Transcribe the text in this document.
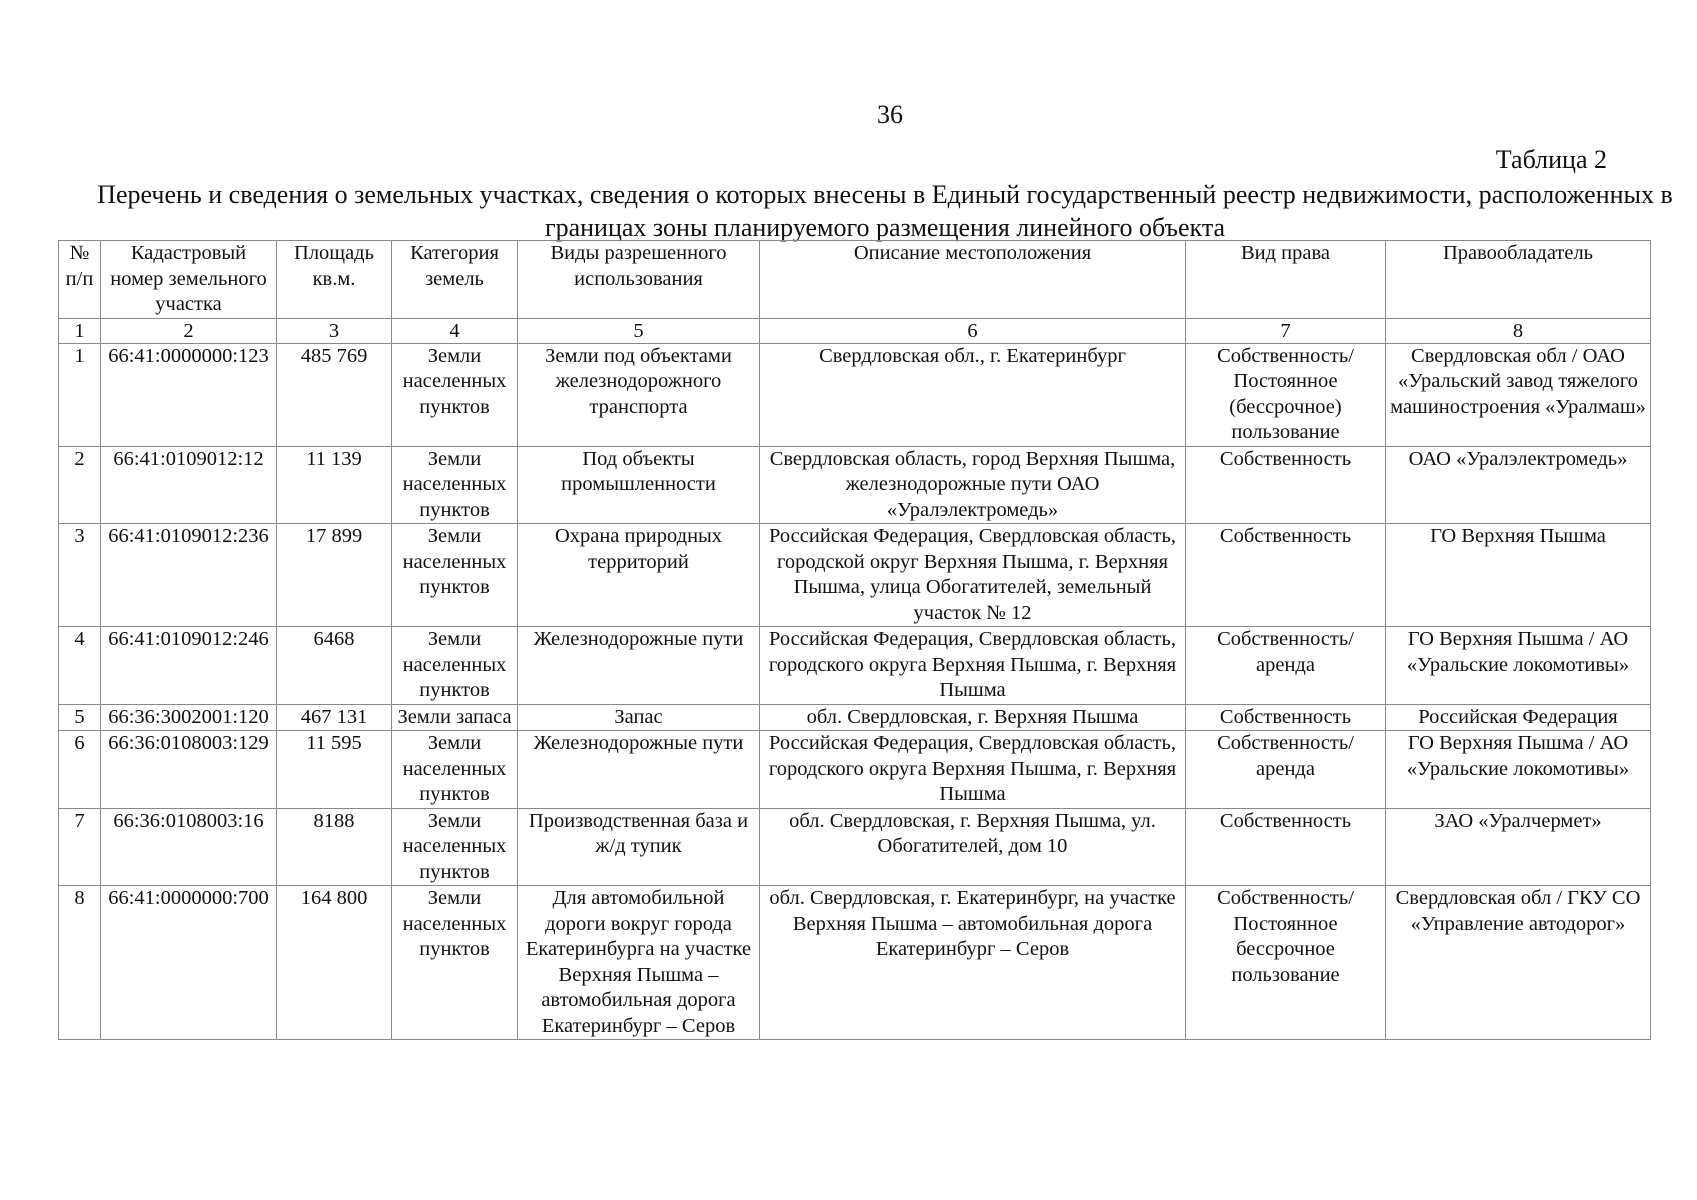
36
Таблица 2
Перечень и сведения о земельных участках, сведения о которых внесены в Единый государственный реестр недвижимости, расположенных в границах зоны планируемого размещения линейного объекта
№ п/п	Кадастровый номер земельного участка	Площадь кв.м.	Категория земель	Виды разрешенного использования	Описание местоположения	Вид права	Правообладатель
1	2	3	4	5	6	7	8
1	66:41:0000000:123	485 769	Земли населенных пунктов	Земли под объектами железнодорожного транспорта	Свердловская обл., г. Екатеринбург	Собственность/ Постоянное (бессрочное) пользование	Свердловская обл / ОАО «Уральский завод тяжелого машиностроения «Уралмаш»
2	66:41:0109012:12	11 139	Земли населенных пунктов	Под объекты промышленности	Свердловская область, город Верхняя Пышма, железнодорожные пути ОАО «Уралэлектромедь»	Собственность	ОАО «Уралэлектромедь»
3	66:41:0109012:236	17 899	Земли населенных пунктов	Охрана природных территорий	Российская Федерация, Свердловская область, городской округ Верхняя Пышма, г. Верхняя Пышма, улица Обогатителей, земельный участок № 12	Собственность	ГО Верхняя Пышма
4	66:41:0109012:246	6468	Земли населенных пунктов	Железнодорожные пути	Российская Федерация, Свердловская область, городского округа Верхняя Пышма, г. Верхняя Пышма	Собственность/ аренда	ГО Верхняя Пышма / АО «Уральские локомотивы»
5	66:36:3002001:120	467 131	Земли запаса	Запас	обл. Свердловская, г. Верхняя Пышма	Собственность	Российская Федерация
6	66:36:0108003:129	11 595	Земли населенных пунктов	Железнодорожные пути	Российская Федерация, Свердловская область, городского округа Верхняя Пышма, г. Верхняя Пышма	Собственность/ аренда	ГО Верхняя Пышма / АО «Уральские локомотивы»
7	66:36:0108003:16	8188	Земли населенных пунктов	Производственная база и ж/д тупик	обл. Свердловская, г. Верхняя Пышма, ул. Обогатителей, дом 10	Собственность	ЗАО «Уралчермет»
8	66:41:0000000:700	164 800	Земли населенных пунктов	Для автомобильной дороги вокруг города Екатеринбурга на участке Верхняя Пышма – автомобильная дорога Екатеринбург – Серов	обл. Свердловская, г. Екатеринбург, на участке Верхняя Пышма – автомобильная дорога Екатеринбург – Серов	Собственность/ Постоянное бессрочное пользование	Свердловская обл / ГКУ СО «Управление автодорог»
